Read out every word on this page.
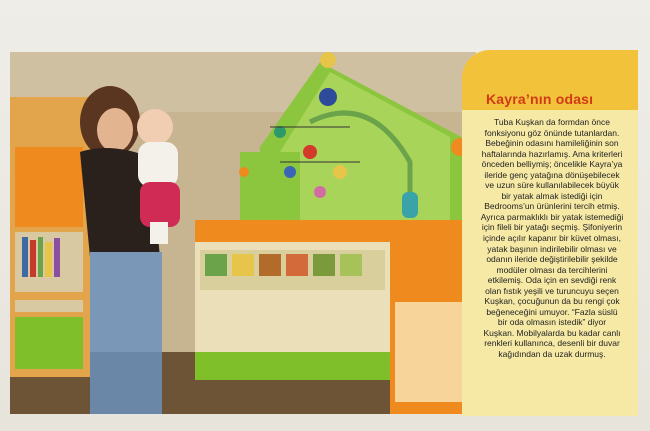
Kayra’nın odası

Tuba Kuşkan da formdan önce
fonksiyonu göz önünde tutanlardan.
Bebeğinin odasını hamileliğinin son
haftalarında hazırlamış. Ama kriterleri
önceden belliymiş; öncelikle Kayra’ya
ileride genç yatağına dönüşebilecek
ve uzun süre kullanılabilecek büyük
bir yatak almak istediği için
Bedrooms’un ürünlerini tercih etmiş.
Ayrıca parmaklıklı bir yatak istemediği
için fileli bir yatağı seçmiş. Şifoniyerin
içinde açılır kapanır bir küvet olması,
yatak başının indirilebilir olması ve
odanın ileride değiştirilebilir şekilde
modüler olması da tercihlerini
etkilemiş. Oda için en sevdiği renk
olan fıstık yeşili ve turuncuyu seçen
Kuşkan, çocuğunun da bu rengi çok
beğeneceğini umuyor. “Fazla süslü
bir oda olmasın istedik” diyor
Kuşkan. Mobilyalarda bu kadar canlı
renkleri kullanınca, desenli bir duvar
kağıdından da uzak durmuş.
